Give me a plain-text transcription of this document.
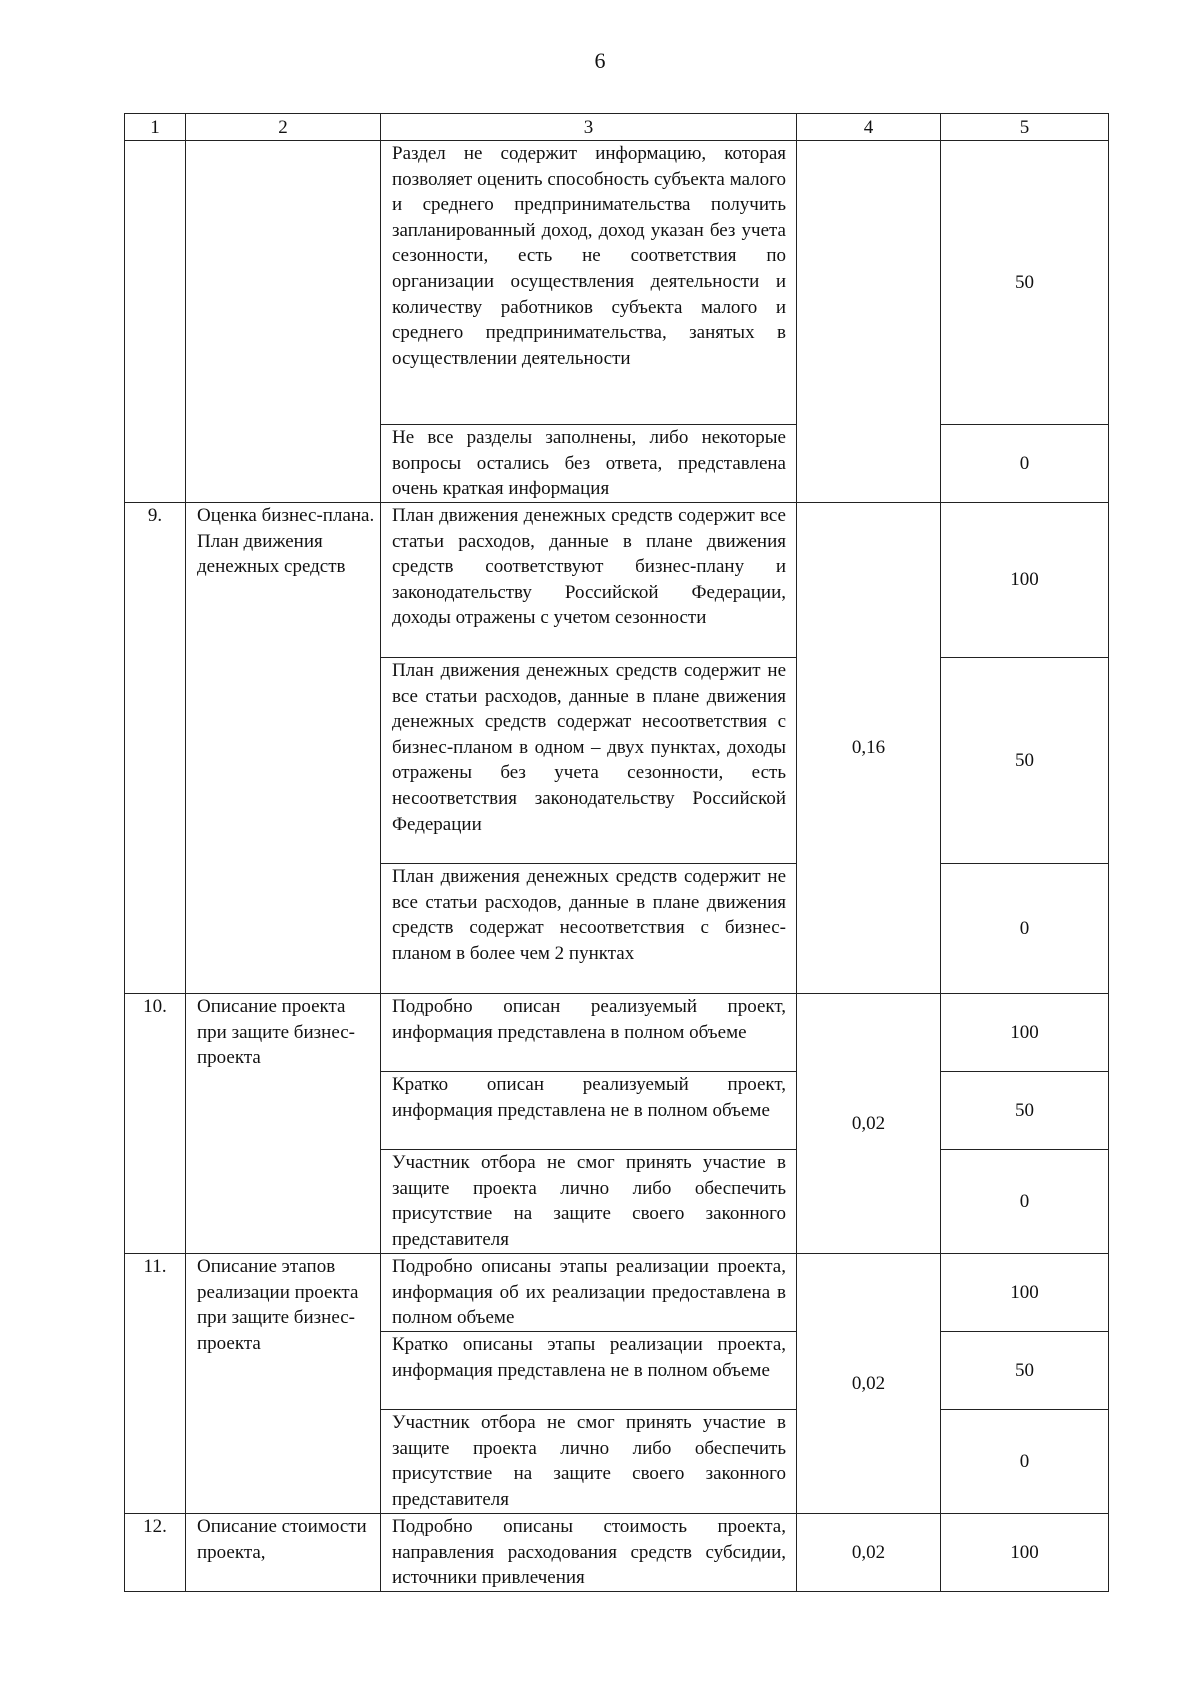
6
1	2	3	4	5
		Раздел не содержит информацию, которая позволяет оценить способность субъекта малого и среднего предпринимательства получить запланированный доход, доход указан без учета сезонности, есть не соответствия по организации осуществления деятельности и количеству работников субъекта малого и среднего предпринимательства, занятых в осуществлении деятельности		50
		Не все разделы заполнены, либо некоторые вопросы остались без ответа, представлена очень краткая информация		0
9.	Оценка бизнес-плана. План движения денежных средств	План движения денежных средств содержит все статьи расходов, данные в плане движения средств соответствуют бизнес-плану и законодательству Российской Федерации, доходы отражены с учетом сезонности	0,16	100
		План движения денежных средств содержит не все статьи расходов, данные в плане движения денежных средств содержат несоответствия с бизнес-планом в одном – двух пунктах, доходы отражены без учета сезонности, есть несоответствия законодательству Российской Федерации		50
		План движения денежных средств содержит не все статьи расходов, данные в плане движения средств содержат несоответствия с бизнес-планом в более чем 2 пунктах		0
10.	Описание проекта при защите бизнес-проекта	Подробно описан реализуемый проект, информация представлена в полном объеме	0,02	100
		Кратко описан реализуемый проект, информация представлена не в полном объеме		50
		Участник отбора не смог принять участие в защите проекта лично либо обеспечить присутствие на защите своего законного представителя		0
11.	Описание этапов реализации проекта при защите бизнес-проекта	Подробно описаны этапы реализации проекта, информация об их реализации предоставлена в полном объеме	0,02	100
		Кратко описаны этапы реализации проекта, информация представлена не в полном объеме		50
		Участник отбора не смог принять участие в защите проекта лично либо обеспечить присутствие на защите своего законного представителя		0
12.	Описание стоимости проекта,	Подробно описаны стоимость проекта, направления расходования средств субсидии, источники привлечения	0,02	100
